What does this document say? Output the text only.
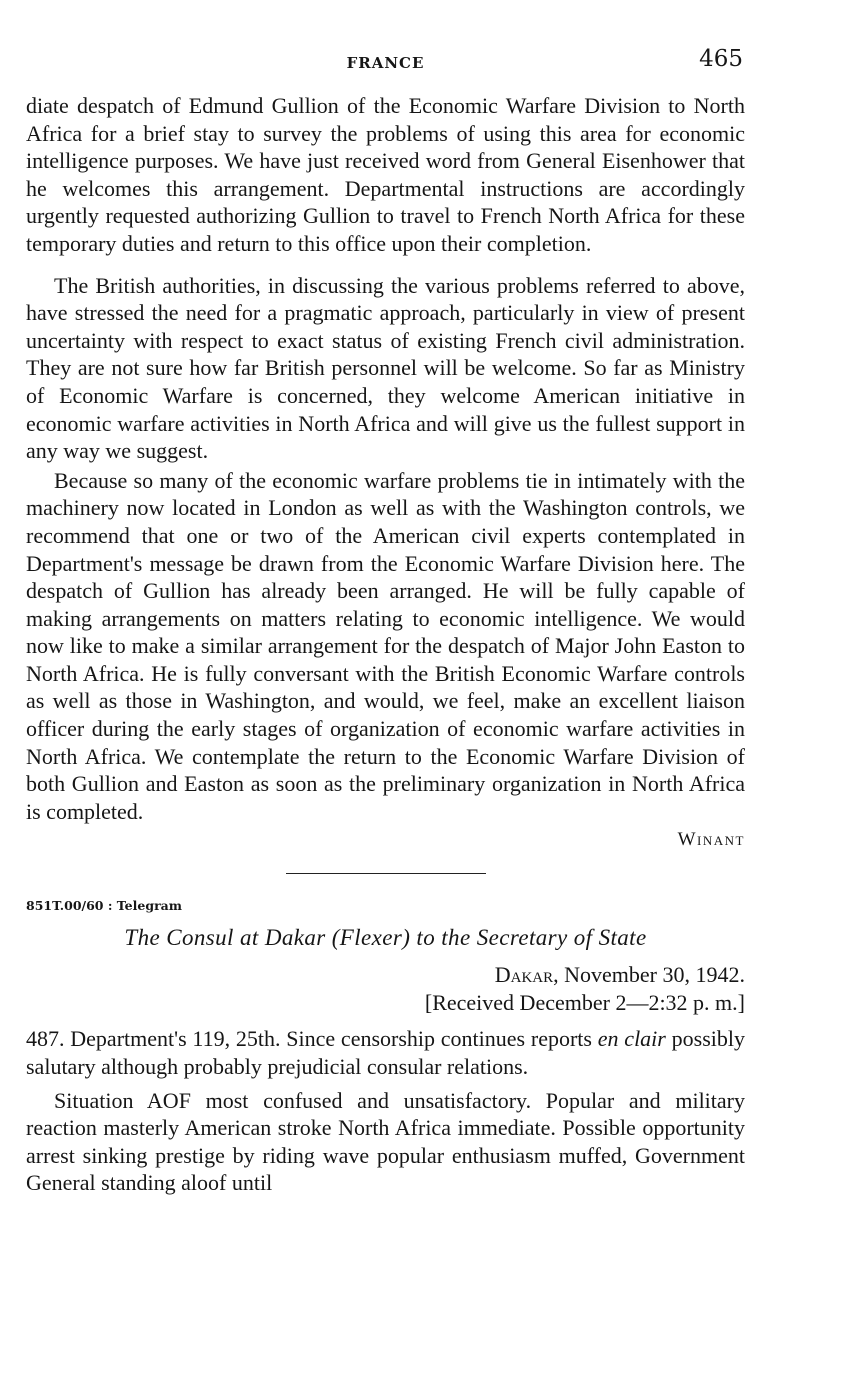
FRANCE	465

diate despatch of Edmund Gullion of the Economic Warfare Division to North Africa for a brief stay to survey the problems of using this area for economic intelligence purposes. We have just received word from General Eisenhower that he welcomes this arrangement. Departmental instructions are accordingly urgently requested authorizing Gullion to travel to French North Africa for these temporary duties and return to this office upon their completion.

The British authorities, in discussing the various problems referred to above, have stressed the need for a pragmatic approach, particularly in view of present uncertainty with respect to exact status of existing French civil administration. They are not sure how far British personnel will be welcome. So far as Ministry of Economic Warfare is concerned, they welcome American initiative in economic warfare activities in North Africa and will give us the fullest support in any way we suggest.

Because so many of the economic warfare problems tie in intimately with the machinery now located in London as well as with the Washington controls, we recommend that one or two of the American civil experts contemplated in Department's message be drawn from the Economic Warfare Division here. The despatch of Gullion has already been arranged. He will be fully capable of making arrangements on matters relating to economic intelligence. We would now like to make a similar arrangement for the despatch of Major John Easton to North Africa. He is fully conversant with the British Economic Warfare controls as well as those in Washington, and would, we feel, make an excellent liaison officer during the early stages of organization of economic warfare activities in North Africa. We contemplate the return to the Economic Warfare Division of both Gullion and Easton as soon as the preliminary organization in North Africa is completed.

Winant
851T.00/60 : Telegram
The Consul at Dakar (Flexer) to the Secretary of State
Dakar, November 30, 1942.
[Received December 2—2:32 p. m.]

487. Department's 119, 25th. Since censorship continues reports en clair possibly salutary although probably prejudicial consular relations.

Situation AOF most confused and unsatisfactory. Popular and military reaction masterly American stroke North Africa immediate. Possible opportunity arrest sinking prestige by riding wave popular enthusiasm muffed, Government General standing aloof until
